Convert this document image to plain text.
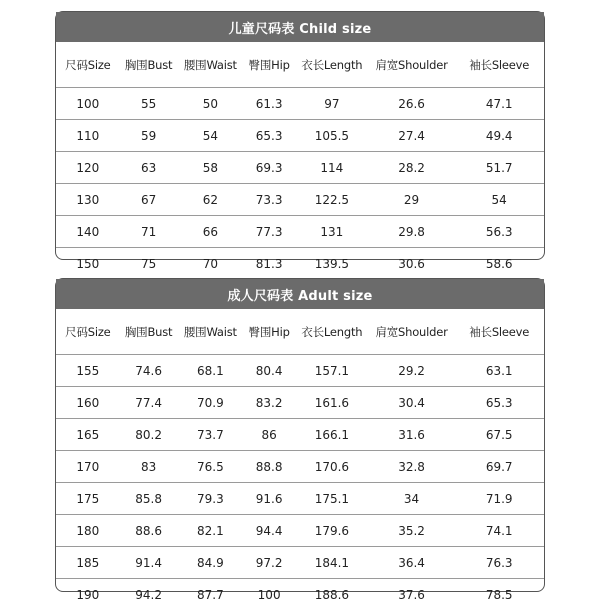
儿童尺码表 Child size
尺码Size	胸围Bust	腰围Waist	臀围Hip	衣长Length	肩宽Shoulder	袖长Sleeve
100	55	50	61.3	97	26.6	47.1
110	59	54	65.3	105.5	27.4	49.4
120	63	58	69.3	114	28.2	51.7
130	67	62	73.3	122.5	29	54
140	71	66	77.3	131	29.8	56.3
150	75	70	81.3	139.5	30.6	58.6
成人尺码表 Adult size
尺码Size	胸围Bust	腰围Waist	臀围Hip	衣长Length	肩宽Shoulder	袖长Sleeve
155	74.6	68.1	80.4	157.1	29.2	63.1
160	77.4	70.9	83.2	161.6	30.4	65.3
165	80.2	73.7	86	166.1	31.6	67.5
170	83	76.5	88.8	170.6	32.8	69.7
175	85.8	79.3	91.6	175.1	34	71.9
180	88.6	82.1	94.4	179.6	35.2	74.1
185	91.4	84.9	97.2	184.1	36.4	76.3
190	94.2	87.7	100	188.6	37.6	78.5
